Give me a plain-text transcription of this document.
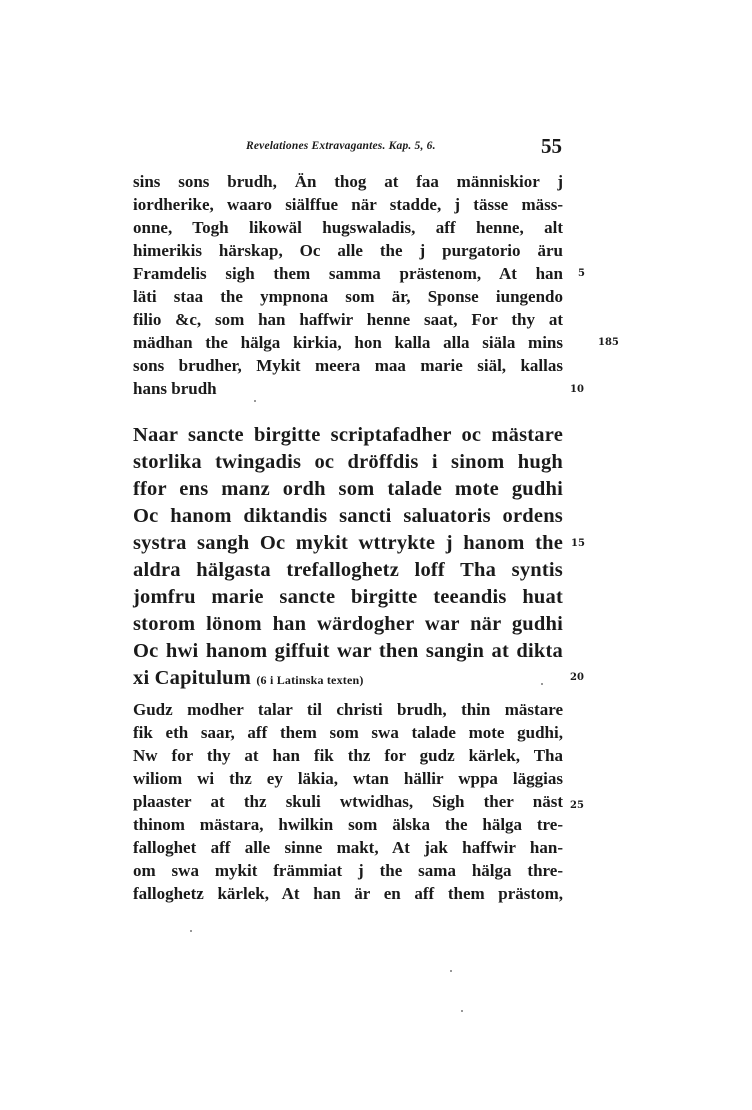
Revelationes Extravagantes. Kap. 5, 6.	55
sins sons brudh, Än thog at faa människior j
iordherike, waaro siälffue när stadde, j tässe mäss-
onne, Togh likowäl hugswaladis, aff henne, alt
himerikis härskap, Oc alle the j purgatorio äru
Framdelis sigh them samma prästenom, At han
läti staa the ympnona som är, Sponse iungendo
filio &c, som han haffwir henne saat, For thy at
mädhan the hälga kirkia, hon kalla alla siäla mins
sons brudher, Mykit meera maa marie siäl, kallas
hans brudh
Naar sancte birgitte scriptafadher oc mästare
storlika twingadis oc dröffdis i sinom hugh
ffor ens manz ordh som talade mote gudhi
Oc hanom diktandis sancti saluatoris ordens
systra sangh Oc mykit wttrykte j hanom the
aldra hälgasta trefalloghetz loff Tha syntis
jomfru marie sancte birgitte teeandis huat
storom lönom han wärdogher war när gudhi
Oc hwi hanom giffuit war then sangin at dikta
xi Capitulum (6 i Latinska texten)
Gudz modher talar til christi brudh, thin mästare
fik eth saar, aff them som swa talade mote gudhi,
Nw for thy at han fik thz for gudz kärlek, Tha
wiliom wi thz ey läkia, wtan hällir wppa läggias
plaaster at thz skuli wtwidhas, Sigh ther näst
thinom mästara, hwilkin som älska the hälga tre-
falloghet aff alle sinne makt, At jak haffwir han-
om swa mykit främmiat j the sama hälga thre-
falloghetz kärlek, At han är en aff them prästom,
5
185
10
15
20
25
